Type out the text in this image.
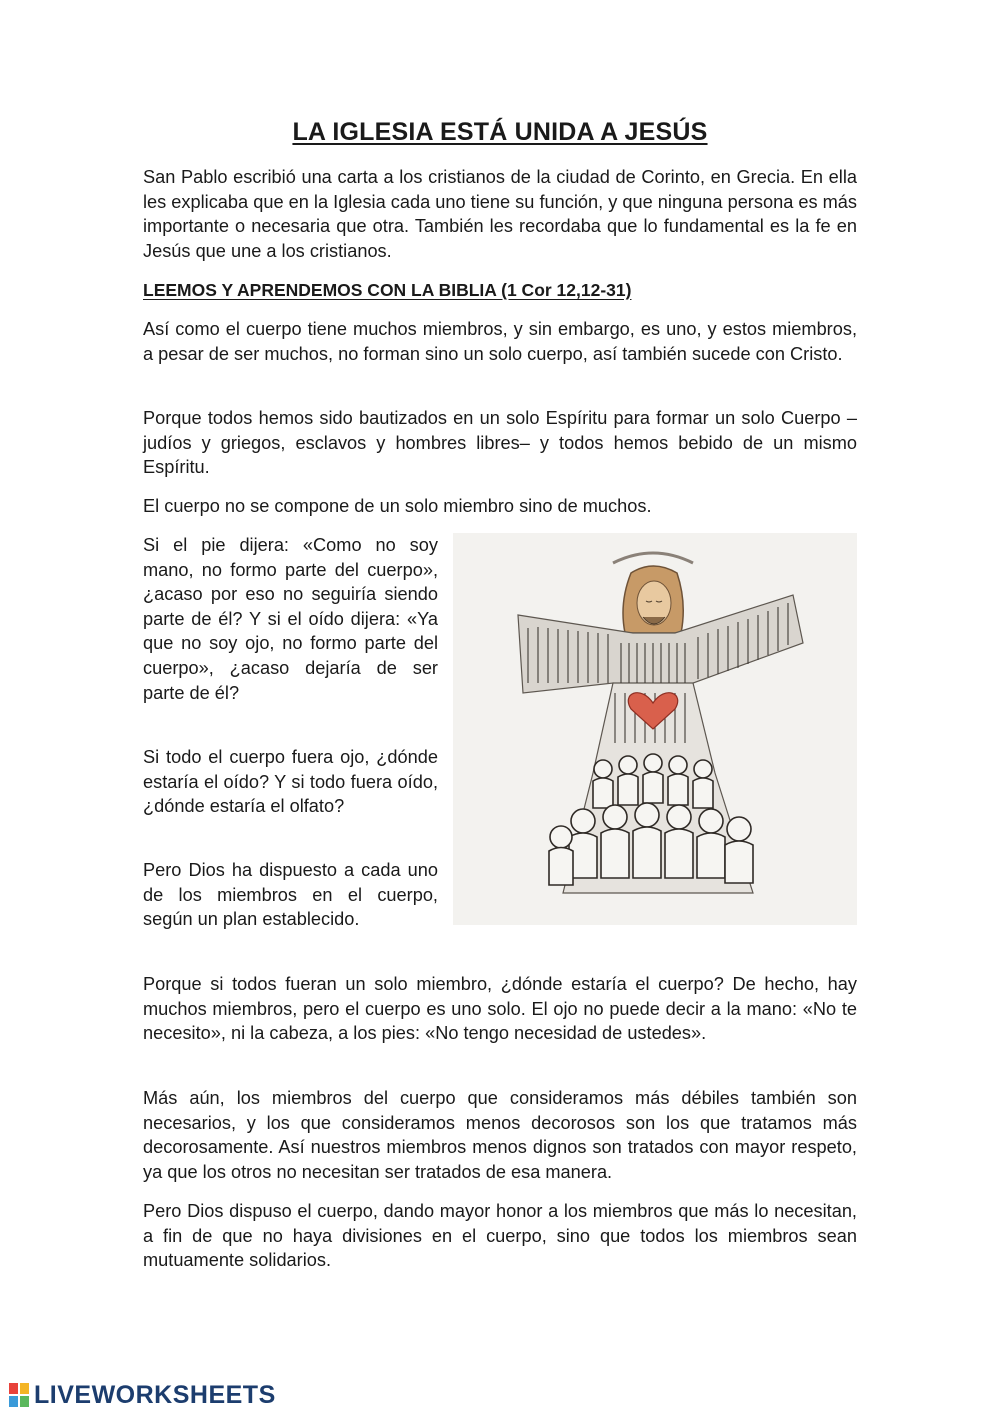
LA IGLESIA ESTÁ UNIDA A JESÚS

San Pablo escribió una carta a los cristianos de la ciudad de Corinto, en Grecia. En ella les explicaba que en la Iglesia cada uno tiene su función, y que ninguna persona es más importante o necesaria que otra. También les recordaba que lo fundamental es la fe en Jesús que une a los cristianos.

LEEMOS Y APRENDEMOS CON LA BIBLIA (1 Cor 12,12-31)

Así como el cuerpo tiene muchos miembros, y sin embargo, es uno, y estos miembros, a pesar de ser muchos, no forman sino un solo cuerpo, así también sucede con Cristo.

Porque todos hemos sido bautizados en un solo Espíritu para formar un solo Cuerpo –judíos y griegos, esclavos y hombres libres– y todos hemos bebido de un mismo Espíritu.

El cuerpo no se compone de un solo miembro sino de muchos.

Si el pie dijera: «Como no soy mano, no formo parte del cuerpo», ¿acaso por eso no seguiría siendo parte de él? Y si el oído dijera: «Ya que no soy ojo, no formo parte del cuerpo», ¿acaso dejaría de ser parte de él?

Si todo el cuerpo fuera ojo, ¿dónde estaría el oído? Y si todo fuera oído, ¿dónde estaría el olfato?

Pero Dios ha dispuesto a cada uno de los miembros en el cuerpo, según un plan establecido.

Porque si todos fueran un solo miembro, ¿dónde estaría el cuerpo? De hecho, hay muchos miembros, pero el cuerpo es uno solo. El ojo no puede decir a la mano: «No te necesito», ni la cabeza, a los pies: «No tengo necesidad de ustedes».

Más aún, los miembros del cuerpo que consideramos más débiles también son necesarios, y los que consideramos menos decorosos son los que tratamos más decorosamente. Así nuestros miembros menos dignos son tratados con mayor respeto, ya que los otros no necesitan ser tratados de esa manera.

Pero Dios dispuso el cuerpo, dando mayor honor a los miembros que más lo necesitan, a fin de que no haya divisiones en el cuerpo, sino que todos los miembros sean mutuamente solidarios.

LIVEWORKSHEETS
